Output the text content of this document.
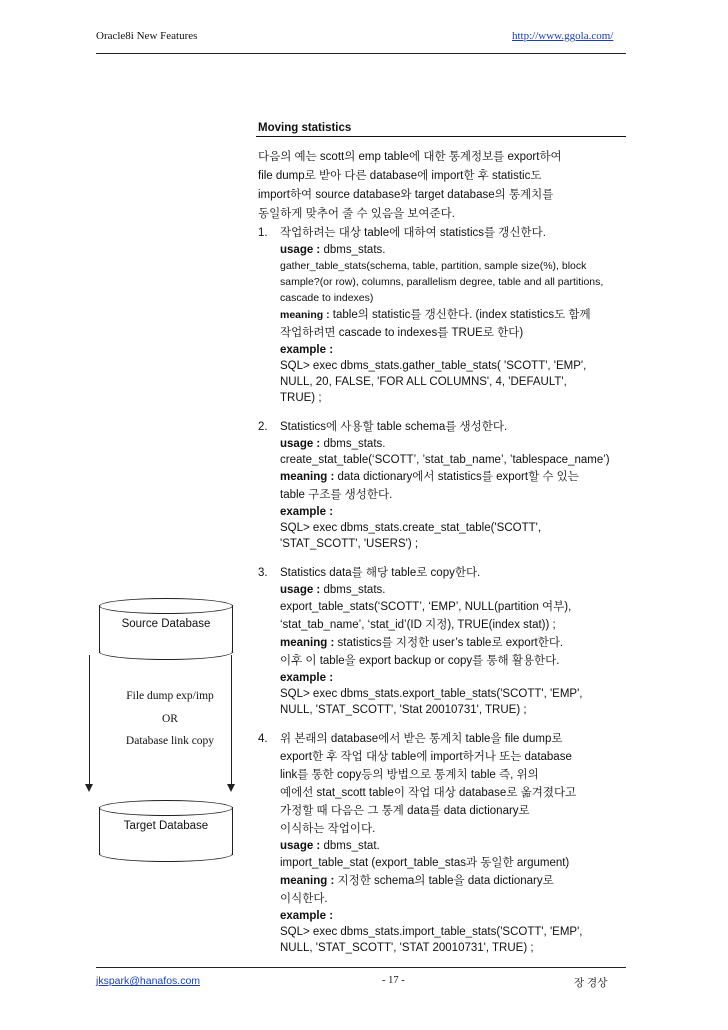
Oracle8i New Features	http://www.ggola.com/
Moving statistics
다음의 예는 scott의 emp table에 대한 통계정보를 export하여
file dump로 받아 다른 database에 import한 후 statistic도
import하여 source database와 target database의 통계치를
동일하게 맞추어 줄 수 있음을 보여준다.
1. 작업하려는 대상 table에 대하여 statistics를 갱신한다.
usage : dbms_stats.
gather_table_stats(schema, table, partition, sample size(%), block
sample?(or row), columns, parallelism degree, table and all partitions,
cascade to indexes)
meaning : table의 statistic를 갱신한다. (index statistics도 함께
작업하려면 cascade to indexes를 TRUE로 한다)
example :
SQL> exec dbms_stats.gather_table_stats( 'SCOTT', 'EMP',
NULL, 20, FALSE, 'FOR ALL COLUMNS', 4, 'DEFAULT',
TRUE) ;
2. Statistics에 사용할 table schema를 생성한다.
usage : dbms_stats.
create_stat_table(‘SCOTT’, ’stat_tab_name’, ’tablespace_name’)
meaning : data dictionary에서 statistics를 export할 수 있는
table 구조를 생성한다.
example :
SQL> exec dbms_stats.create_stat_table('SCOTT',
'STAT_SCOTT', 'USERS') ;
3. Statistics data를 해당 table로 copy한다.
usage : dbms_stats.
export_table_stats(‘SCOTT’, ‘EMP’, NULL(partition 여부),
‘stat_tab_name’, ‘stat_id’(ID 지정), TRUE(index stat)) ;
meaning : statistics를 지정한 user’s table로 export한다.
이후 이 table을 export backup or copy를 통해 활용한다.
example :
SQL> exec dbms_stats.export_table_stats('SCOTT', 'EMP',
NULL, 'STAT_SCOTT', 'Stat 20010731', TRUE) ;
4. 위 본래의 database에서 받은 통계치 table을 file dump로
export한 후 작업 대상 table에 import하거나 또는 database
link를 통한 copy등의 방법으로 통계치 table 즉, 위의
예에선 stat_scott table이 작업 대상 database로 옮겨졌다고
가정할 때 다음은 그 통계 data를 data dictionary로
이식하는 작업이다.
usage : dbms_stat.
import_table_stat (export_table_stas과 동일한 argument)
meaning : 지정한 schema의 table을 data dictionary로
이식한다.
example :
SQL> exec dbms_stats.import_table_stats('SCOTT', 'EMP',
NULL, 'STAT_SCOTT', 'STAT 20010731', TRUE) ;
Source Database
File dump exp/imp
OR
Database link copy
Target Database
jkspark@hanafos.com	- 17 -	장 경상
